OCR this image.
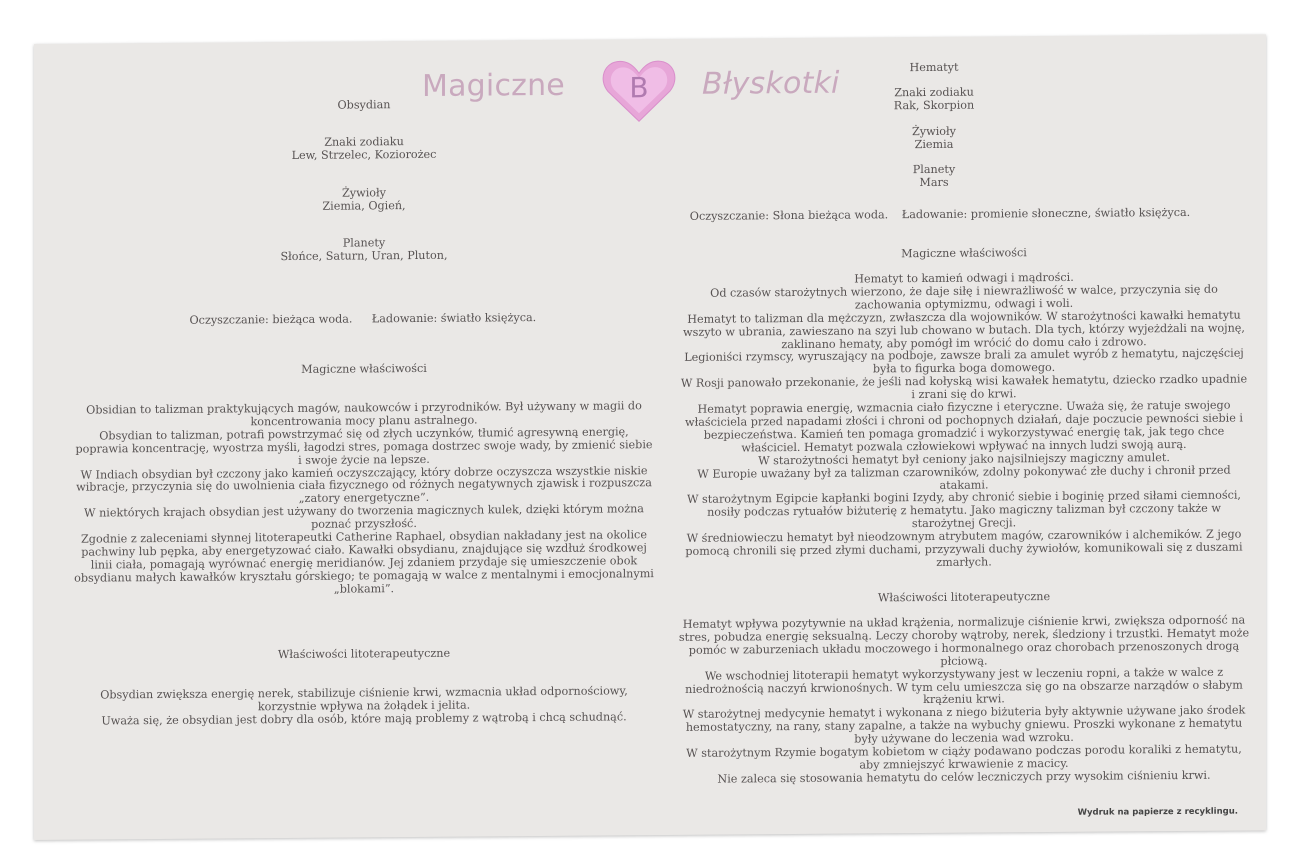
Magiczne B Błyskotki
Obsydian
Znaki zodiaku
Lew, Strzelec, Koziorożec
Żywioły
Ziemia, Ogień,
Planety
Słońce, Saturn, Uran, Pluton,
Oczyszczanie: bieżąca woda.	Ładowanie: światło księżyca.
Magiczne właściwości
Obsidian to talizman praktykujących magów, naukowców i przyrodników. Był używany w magii do
koncentrowania mocy planu astralnego.
Obsydian to talizman, potrafi powstrzymać się od złych uczynków, tłumić agresywną energię,
poprawia koncentrację, wyostrza myśli, łagodzi stres, pomaga dostrzec swoje wady, by zmienić siebie
i swoje życie na lepsze.
W Indiach obsydian był czczony jako kamień oczyszczający, który dobrze oczyszcza wszystkie niskie
wibracje, przyczynia się do uwolnienia ciała fizycznego od różnych negatywnych zjawisk i rozpuszcza
„zatory energetyczne”.
W niektórych krajach obsydian jest używany do tworzenia magicznych kulek, dzięki którym można
poznać przyszłość.
Zgodnie z zaleceniami słynnej litoterapeutki Catherine Raphael, obsydian nakładany jest na okolice
pachwiny lub pępka, aby energetyzować ciało. Kawałki obsydianu, znajdujące się wzdłuż środkowej
linii ciała, pomagają wyrównać energię meridianów. Jej zdaniem przydaje się umieszczenie obok
obsydianu małych kawałków kryształu górskiego; te pomagają w walce z mentalnymi i emocjonalnymi
„blokami”.
Właściwości litoterapeutyczne
Obsydian zwiększa energię nerek, stabilizuje ciśnienie krwi, wzmacnia układ odpornościowy,
korzystnie wpływa na żołądek i jelita.
Uważa się, że obsydian jest dobry dla osób, które mają problemy z wątrobą i chcą schudnąć.
Hematyt
Znaki zodiaku
Rak, Skorpion
Żywioły
Ziemia
Planety
Mars
Oczyszczanie: Słona bieżąca woda.	Ładowanie: promienie słoneczne, światło księżyca.
Magiczne właściwości
Hematyt to kamień odwagi i mądrości.
Od czasów starożytnych wierzono, że daje siłę i niewrażliwość w walce, przyczynia się do
zachowania optymizmu, odwagi i woli.
Hematyt to talizman dla mężczyzn, zwłaszcza dla wojowników. W starożytności kawałki hematytu
wszyto w ubrania, zawieszano na szyi lub chowano w butach. Dla tych, którzy wyjeżdżali na wojnę,
zaklinano hematy, aby pomógł im wrócić do domu cało i zdrowo.
Legioniści rzymscy, wyruszający na podboje, zawsze brali za amulet wyrób z hematytu, najczęściej
była to figurka boga domowego.
W Rosji panowało przekonanie, że jeśli nad kołyską wisi kawałek hematytu, dziecko rzadko upadnie
i zrani się do krwi.
Hematyt poprawia energię, wzmacnia ciało fizyczne i eteryczne. Uważa się, że ratuje swojego
właściciela przed napadami złości i chroni od pochopnych działań, daje poczucie pewności siebie i
bezpieczeństwa. Kamień ten pomaga gromadzić i wykorzystywać energię tak, jak tego chce
właściciel. Hematyt pozwala człowiekowi wpływać na innych ludzi swoją aurą.
W starożytności hematyt był ceniony jako najsilniejszy magiczny amulet.
W Europie uważany był za talizman czarowników, zdolny pokonywać złe duchy i chronił przed
atakami.
W starożytnym Egipcie kapłanki bogini Izydy, aby chronić siebie i boginię przed siłami ciemności,
nosiły podczas rytuałów biżuterię z hematytu. Jako magiczny talizman był czczony także w
starożytnej Grecji.
W średniowieczu hematyt był nieodzownym atrybutem magów, czarowników i alchemików. Z jego
pomocą chronili się przed złymi duchami, przyzywali duchy żywiołów, komunikowali się z duszami
zmarłych.
Właściwości litoterapeutyczne
Hematyt wpływa pozytywnie na układ krążenia, normalizuje ciśnienie krwi, zwiększa odporność na
stres, pobudza energię seksualną. Leczy choroby wątroby, nerek, śledziony i trzustki. Hematyt może
pomóc w zaburzeniach układu moczowego i hormonalnego oraz chorobach przenoszonych drogą
płciową.
We wschodniej litoterapii hematyt wykorzystywany jest w leczeniu ropni, a także w walce z
niedrożnością naczyń krwionośnych. W tym celu umieszcza się go na obszarze narządów o słabym
krążeniu krwi.
W starożytnej medycynie hematyt i wykonana z niego biżuteria były aktywnie używane jako środek
hemostatyczny, na rany, stany zapalne, a także na wybuchy gniewu. Proszki wykonane z hematytu
były używane do leczenia wad wzroku.
W starożytnym Rzymie bogatym kobietom w ciąży podawano podczas porodu koraliki z hematytu,
aby zmniejszyć krwawienie z macicy.
Nie zaleca się stosowania hematytu do celów leczniczych przy wysokim ciśnieniu krwi.
Wydruk na papierze z recyklingu.
